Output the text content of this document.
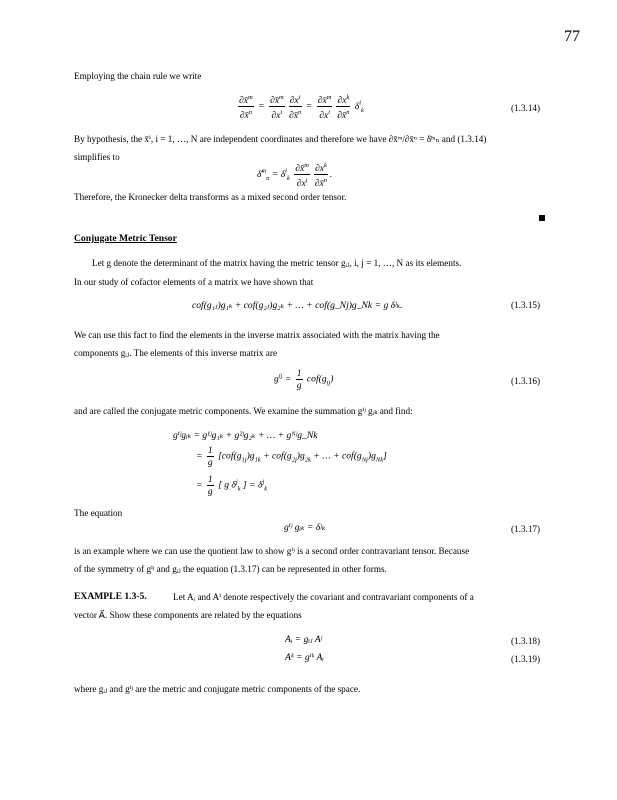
77
Employing the chain rule we write
$\frac{\partial x̄^m}{\partial x̄^n} = \frac{\partial x̄^m}{\partial x^i} \frac{\partial x^i}{\partial x̄^n} = \frac{\partial x̄^m}{\partial x^i} \frac{\partial x^k}{\partial x̄^n} \delta^i_k$	(1.3.14)
By hypothesis, the x̄ⁱ, i = 1, …, N are independent coordinates and therefore we have ∂x̄ᵐ/∂x̄ⁿ = δ̄ᵐₙ and (1.3.14)
simplifies to
δ̄$^m_n$ = $\delta^i_k \frac{\partial x̄^m}{\partial x^i} \frac{\partial x^k}{\partial x̄^n}$ .
Therefore, the Kronecker delta transforms as a mixed second order tensor.
Conjugate Metric Tensor
Let g denote the determinant of the matrix having the metric tensor gᵢⱼ, i, j = 1, …, N as its elements.
In our study of cofactor elements of a matrix we have shown that
cof(g₁ⱼ)g₁ₖ + cof(g₂ⱼ)g₂ₖ + … + cof(g_Nj)g_Nk = g δʲₖ.	(1.3.15)
We can use this fact to find the elements in the inverse matrix associated with the matrix having the
components gᵢⱼ. The elements of this inverse matrix are
$g^{ij} = \frac{1}{g} cof(g_{ij})$	(1.3.16)
and are called the conjugate metric components. We examine the summation gⁱʲ gᵢₖ and find:
gⁱʲgᵢₖ = g¹ʲg₁ₖ + g²ʲg₂ₖ + … + gᴺʲg_Nk
= $\frac{1}{g} [cof(g_{1j})g_{1k} + cof(g_{2j})g_{2k}$ + … + $cof(g_{Nj})g_{Nk}$]
= $\frac{1}{g}$ [ g $\delta^j_k$ ] = $\delta^j_k$
The equation
gⁱʲ gᵢₖ = δʲₖ	(1.3.17)
is an example where we can use the quotient law to show gⁱʲ is a second order contravariant tensor. Because
of the symmetry of gⁱʲ and gᵢⱼ the equation (1.3.17) can be represented in other forms.
EXAMPLE 1.3-5.	Let Aᵢ and Aⁱ denote respectively the covariant and contravariant components of a
vector A⃗. Show these components are related by the equations
Aᵢ = gᵢⱼ Aʲ	(1.3.18)
Aᵏ = gⁱᵏ Aᵢ	(1.3.19)
where gᵢⱼ and gⁱʲ are the metric and conjugate metric components of the space.
